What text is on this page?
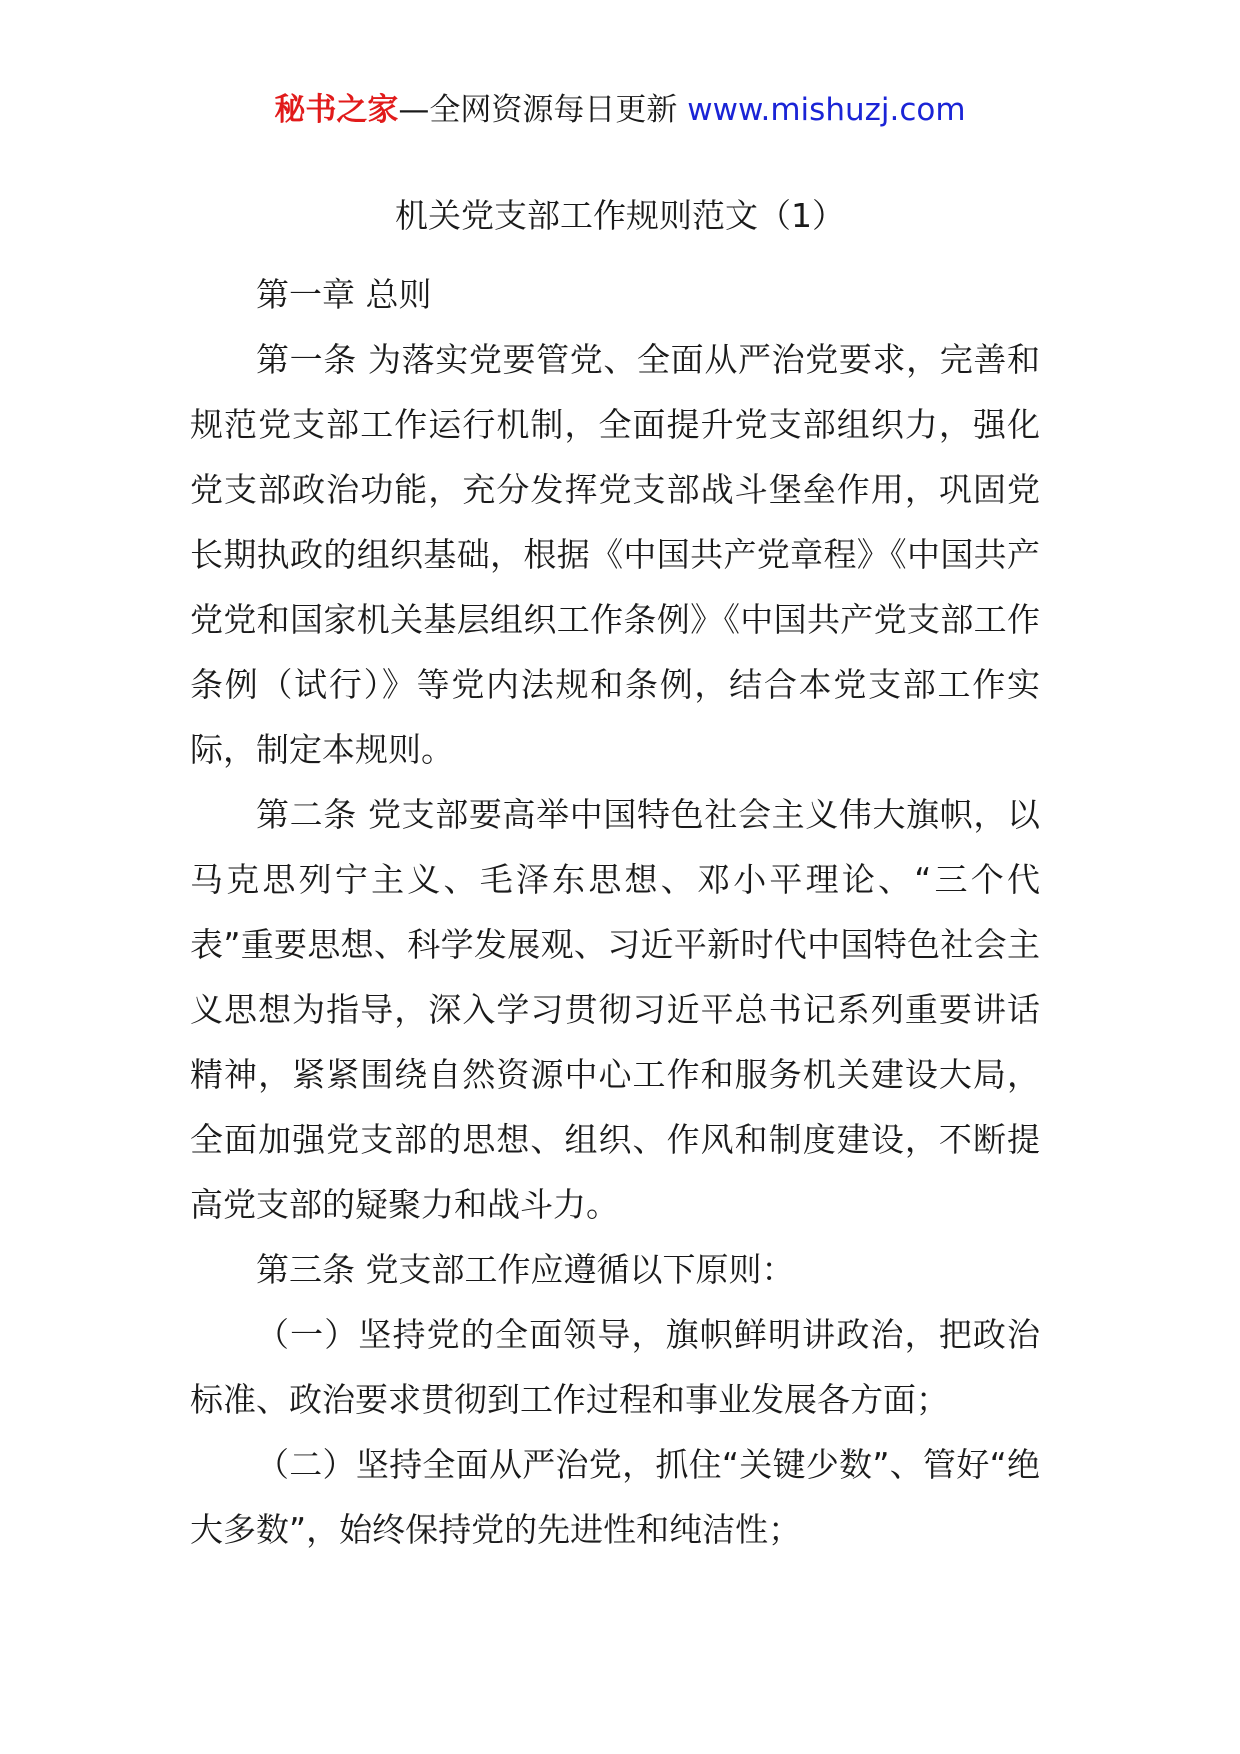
秘书之家—全网资源每日更新 www.mishuzj.com
机关党支部工作规则范文（1）

第一章 总则

第一条 为落实党要管党、全面从严治党要求，完善和规范党支部工作运行机制，全面提升党支部组织力，强化党支部政治功能，充分发挥党支部战斗堡垒作用，巩固党长期执政的组织基础，根据《中国共产党章程》《中国共产党党和国家机关基层组织工作条例》《中国共产党支部工作条例（试行）》等党内法规和条例，结合本党支部工作实际，制定本规则。

第二条 党支部要高举中国特色社会主义伟大旗帜，以马克思列宁主义、毛泽东思想、邓小平理论、“三个代表”重要思想、科学发展观、习近平新时代中国特色社会主义思想为指导，深入学习贯彻习近平总书记系列重要讲话精神，紧紧围绕自然资源中心工作和服务机关建设大局，全面加强党支部的思想、组织、作风和制度建设，不断提高党支部的疑聚力和战斗力。

第三条 党支部工作应遵循以下原则：

（一）坚持党的全面领导，旗帜鲜明讲政治，把政治标准、政治要求贯彻到工作过程和事业发展各方面；

（二）坚持全面从严治党，抓住“关键少数”、管好“绝大多数”，始终保持党的先进性和纯洁性；
